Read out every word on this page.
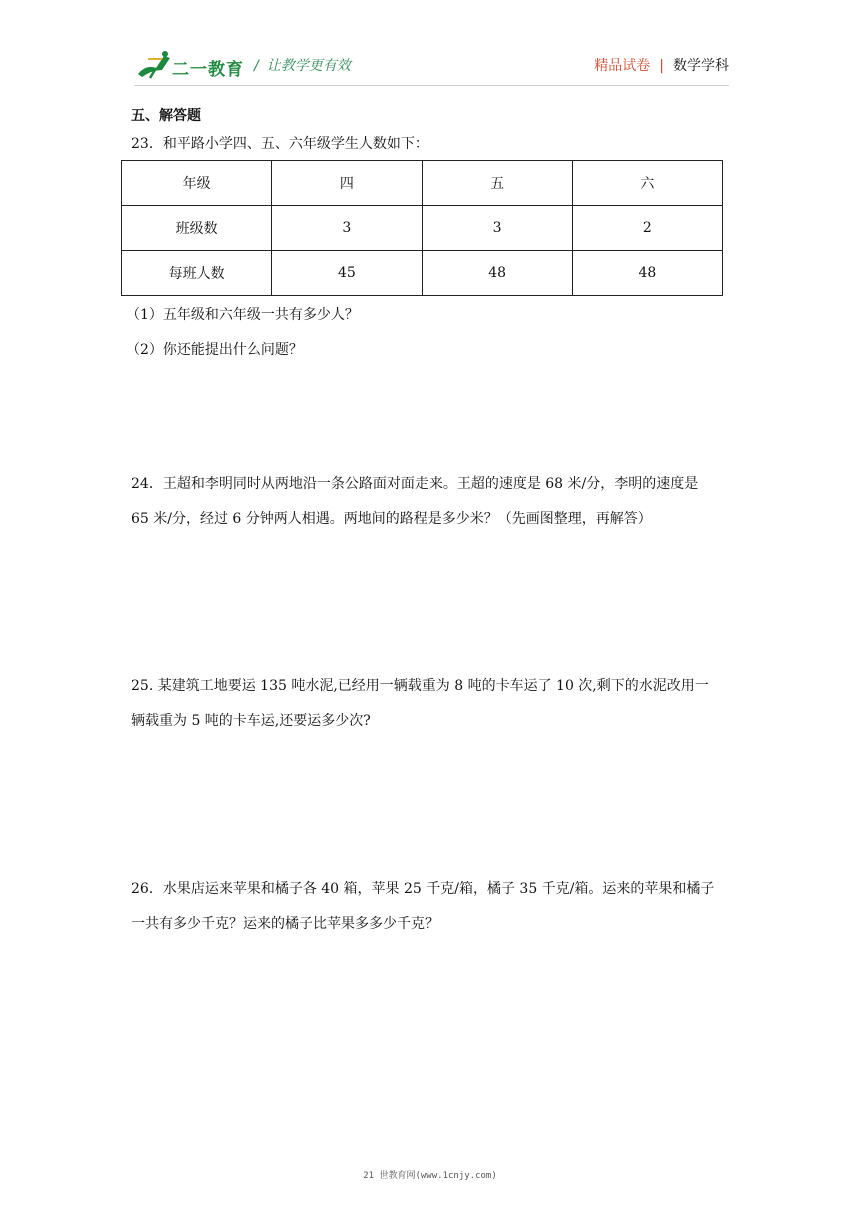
二一教育 / 让教学更有效	精品试卷 | 数学学科
五、解答题
23．和平路小学四、五、六年级学生人数如下：
年级	四	五	六
班级数	3	3	2
每班人数	45	48	48
（1）五年级和六年级一共有多少人？
（2）你还能提出什么问题？
24．王超和李明同时从两地沿一条公路面对面走来。王超的速度是 68 米/分，李明的速度是
65 米/分，经过 6 分钟两人相遇。两地间的路程是多少米？（先画图整理，再解答）
25. 某建筑工地要运 135 吨水泥,已经用一辆载重为 8 吨的卡车运了 10 次,剩下的水泥改用一
辆载重为 5 吨的卡车运,还要运多少次?
26．水果店运来苹果和橘子各 40 箱，苹果 25 千克/箱，橘子 35 千克/箱。运来的苹果和橘子
一共有多少千克？运来的橘子比苹果多多少千克？
21 世教育网(www.1cnjy.com)
